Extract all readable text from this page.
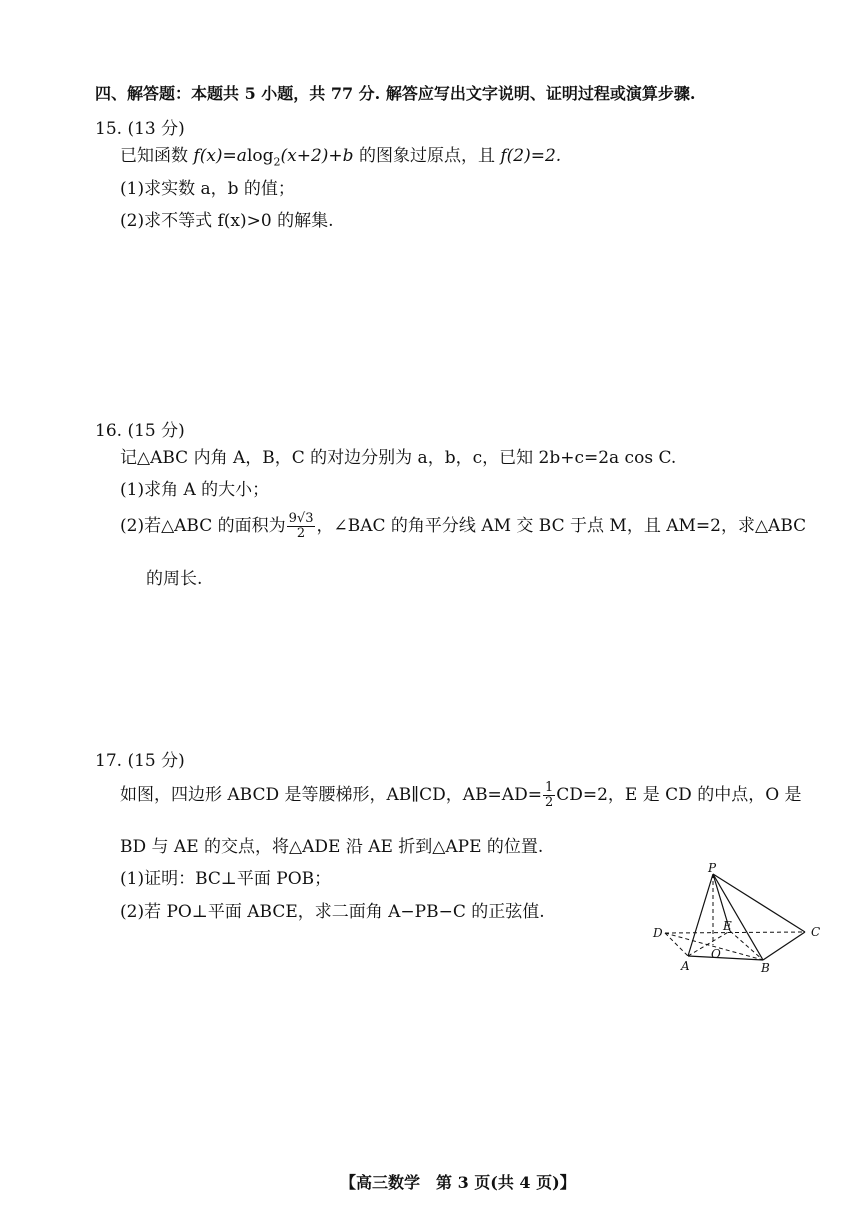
四、解答题：本题共 5 小题，共 77 分. 解答应写出文字说明、证明过程或演算步骤.
15. (13 分)
已知函数 f(x)=alog$_2$(x+2)+b 的图象过原点，且 f(2)=2.
(1)求实数 a，b 的值；
(2)求不等式 f(x)>0 的解集.
16. (15 分)
记△ABC 内角 A，B，C 的对边分别为 a，b，c，已知 2b+c=2a cos C.
(1)求角 A 的大小；
(2)若△ABC 的面积为 $\frac{9√3}{2}$ ，∠BAC 的角平分线 AM 交 BC 于点 M，且 AM=2，求△ABC
的周长.
17. (15 分)
如图，四边形 ABCD 是等腰梯形，AB∥CD，$AB=AD= \frac{1}{2} CD=2$，E 是 CD 的中点，O 是
BD 与 AE 的交点，将△ADE 沿 AE 折到△APE 的位置.
(1)证明：BC⊥平面 POB；
(2)若 PO⊥平面 ABCE，求二面角 A−PB−C 的正弦值.
P
D	E	C
O
A	B
【高三数学　第 3 页(共 4 页)】
